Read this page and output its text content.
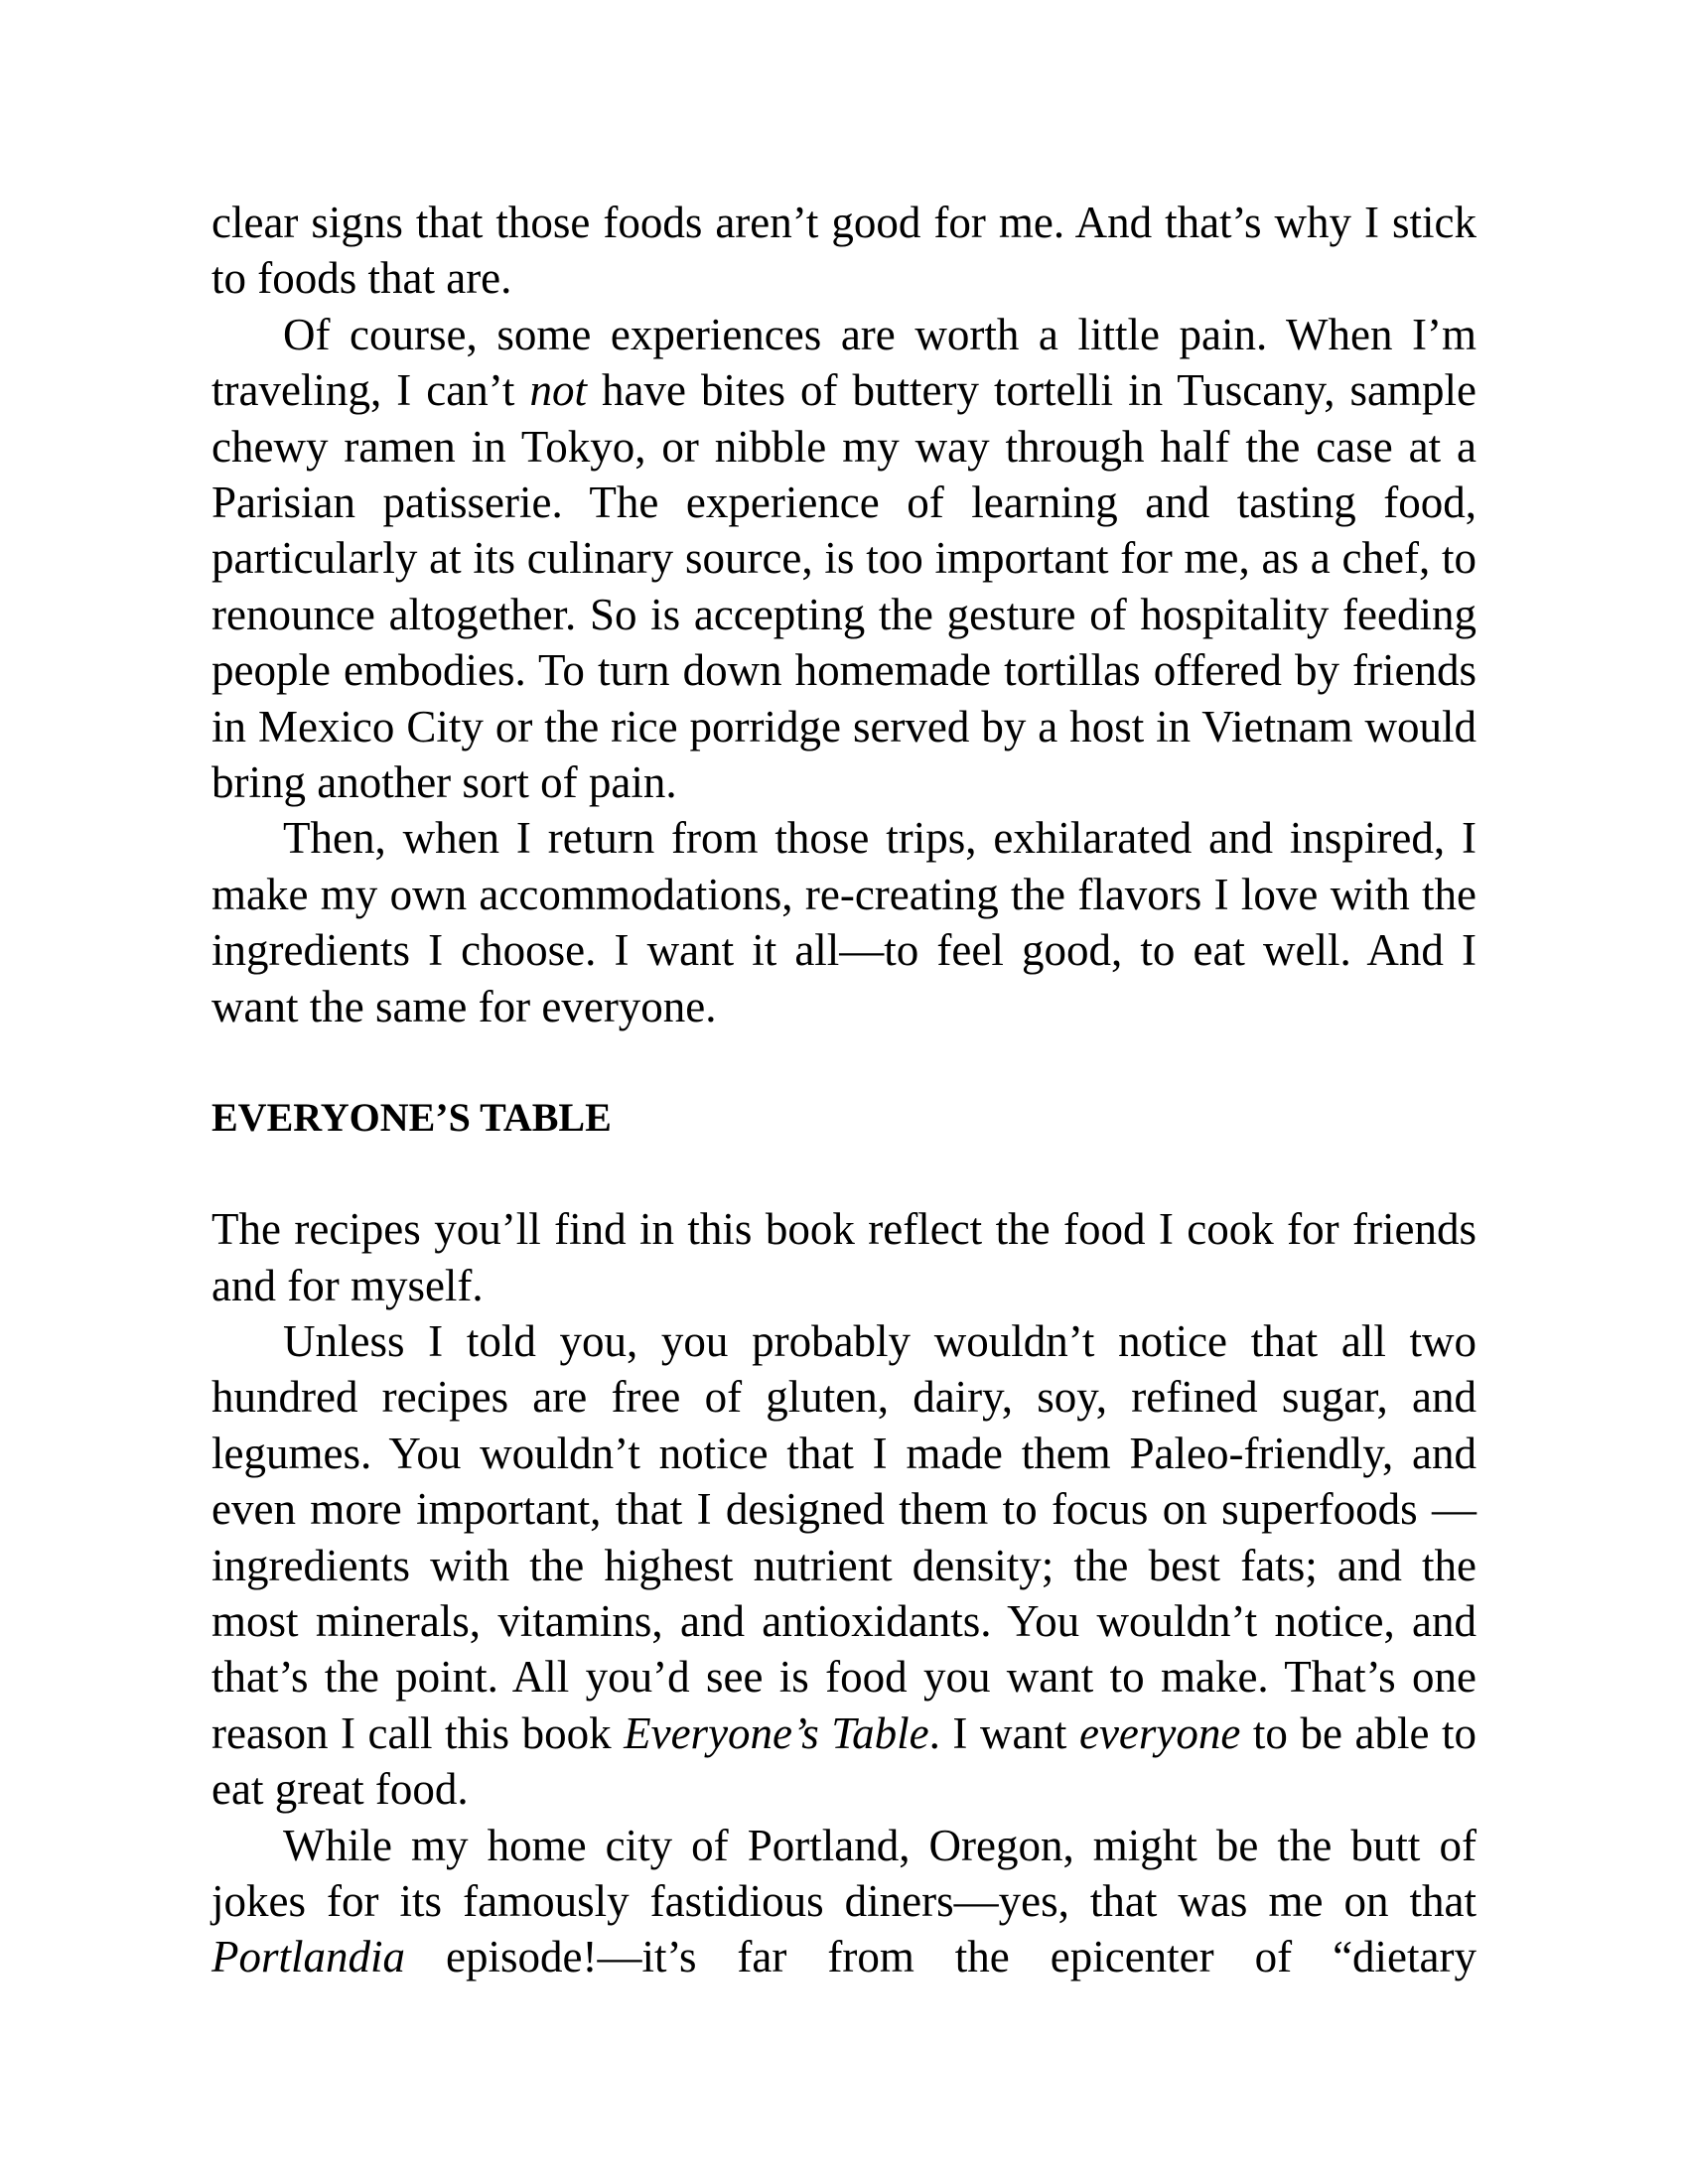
clear signs that those foods aren’t good for me. And that’s why I stick to foods that are.

Of course, some experiences are worth a little pain. When I’m traveling, I can’t not have bites of buttery tortelli in Tuscany, sample chewy ramen in Tokyo, or nibble my way through half the case at a Parisian patisserie. The experience of learning and tasting food, particularly at its culinary source, is too important for me, as a chef, to renounce altogether. So is accepting the gesture of hospitality feeding people embodies. To turn down homemade tortillas offered by friends in Mexico City or the rice porridge served by a host in Vietnam would bring another sort of pain.

Then, when I return from those trips, exhilarated and inspired, I make my own accommodations, re-creating the flavors I love with the ingredients I choose. I want it all—to feel good, to eat well. And I want the same for everyone.

EVERYONE’S TABLE

The recipes you’ll find in this book reflect the food I cook for friends and for myself.

Unless I told you, you probably wouldn’t notice that all two hundred recipes are free of gluten, dairy, soy, refined sugar, and legumes. You wouldn’t notice that I made them Paleo-friendly, and even more important, that I designed them to focus on superfoods —ingredients with the highest nutrient density; the best fats; and the most minerals, vitamins, and antioxidants. You wouldn’t notice, and that’s the point. All you’d see is food you want to make. That’s one reason I call this book Everyone’s Table. I want everyone to be able to eat great food.

While my home city of Portland, Oregon, might be the butt of jokes for its famously fastidious diners—yes, that was me on that Portlandia episode!—it’s far from the epicenter of “dietary
